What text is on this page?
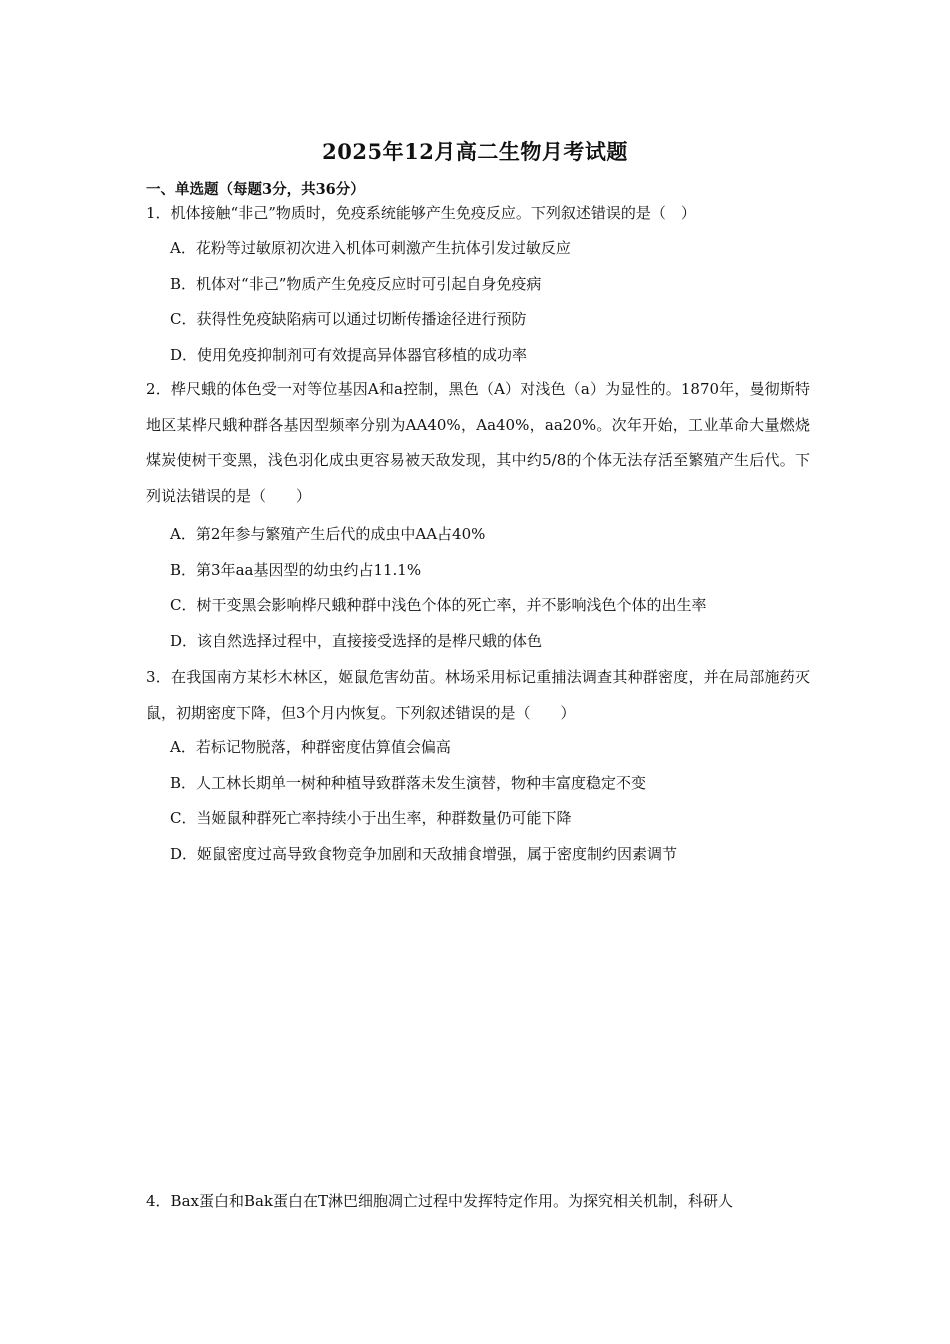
2025年12月高二生物月考试题
一、单选题（每题3分，共36分）
1．机体接触“非己”物质时，免疫系统能够产生免疫反应。下列叙述错误的是（　）
A．花粉等过敏原初次进入机体可刺激产生抗体引发过敏反应
B．机体对“非己”物质产生免疫反应时可引起自身免疫病
C．获得性免疫缺陷病可以通过切断传播途径进行预防
D．使用免疫抑制剂可有效提高异体器官移植的成功率
2．桦尺蛾的体色受一对等位基因A和a控制，黑色（A）对浅色（a）为显性的。1870年，曼彻斯特地区某桦尺蛾种群各基因型频率分别为AA40%，Aa40%，aa20%。次年开始，工业革命大量燃烧煤炭使树干变黑，浅色羽化成虫更容易被天敌发现，其中约5/8的个体无法存活至繁殖产生后代。下列说法错误的是（　　）
A．第2年参与繁殖产生后代的成虫中AA占40%
B．第3年aa基因型的幼虫约占11.1%
C．树干变黑会影响桦尺蛾种群中浅色个体的死亡率，并不影响浅色个体的出生率
D．该自然选择过程中，直接接受选择的是桦尺蛾的体色
3．在我国南方某杉木林区，姬鼠危害幼苗。林场采用标记重捕法调查其种群密度，并在局部施药灭鼠，初期密度下降，但3个月内恢复。下列叙述错误的是（　　）
A．若标记物脱落，种群密度估算值会偏高
B．人工林长期单一树种种植导致群落未发生演替，物种丰富度稳定不变
C．当姬鼠种群死亡率持续小于出生率，种群数量仍可能下降
D．姬鼠密度过高导致食物竞争加剧和天敌捕食增强，属于密度制约因素调节
4．Bax蛋白和Bak蛋白在T淋巴细胞凋亡过程中发挥特定作用。为探究相关机制，科研人
